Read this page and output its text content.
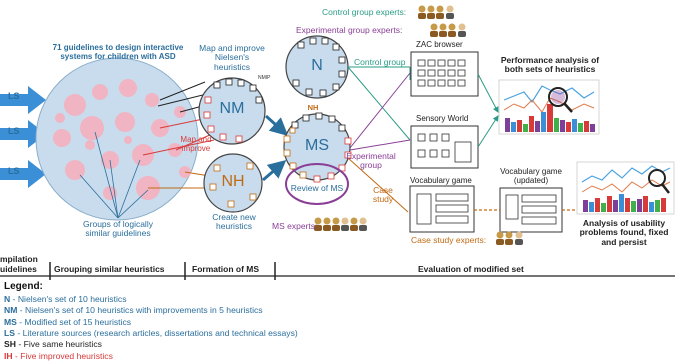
71 guidelines to design interactive
systems for children with ASD
LS
LS
LS
Groups of logically
similar guidelines
Map and improve
Nielsen's
heuristics
NMIP
NM
Map and
improve
NH
Create new
heuristics
N
NH
MS
Review of MS
Control group experts:
Experimental group experts:
Control group
Experimental
group
Case
study
MS experts:
Case study experts:
ZAC browser
Sensory World
Vocabulary game
Vocabulary game
(updated)
Performance analysis of
both sets of heuristics
Analysis of usability
problems found, fixed
and persist
mpilation
uidelines Grouping similar heuristics	Formation of MS	Evaluation of modified set
Legend:
N - Nielsen's set of 10 heuristics
NM - Nielsen's set of 10 heuristics with improvements in 5 heuristics
MS - Modified set of 15 heuristics
LS - Literature sources (research articles, dissertations and technical essays)
SH - Five same heuristics
IH - Five improved heuristics
